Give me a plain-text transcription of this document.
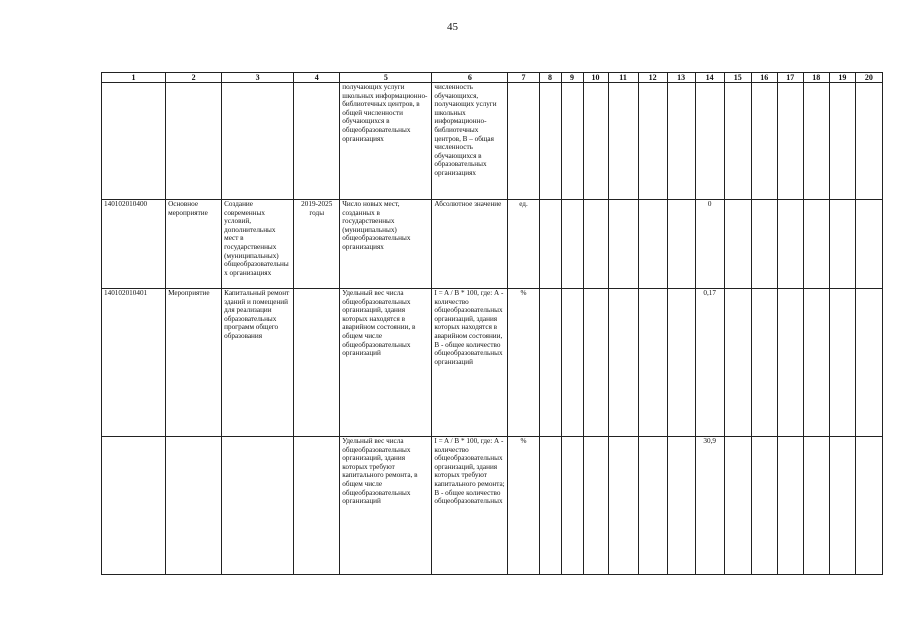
45
1	2	3	4	5	6	7	8	9	10	11	12	13	14	15	16	17	18	19	20
				получающих услуги школьных информационно-библиотечных центров, в общей численности обучающихся в общеобразовательных организациях	численность обучающихся, получающих услуги школьных информационно-библиотечных центров, В – общая численность обучающихся в образовательных организациях														
140102010400	Основное мероприятие	Создание современных условий, дополнительных мест в государственных (муниципальных) общеобразовательных организациях	2019-2025 годы	Число новых мест, созданных в государственных (муниципальных) общеобразовательных организациях	Абсолютное значение	ед.							0						
140102010401	Мероприятие	Капитальный ремонт зданий и помещений для реализации образовательных программ общего образования		Удельный вес числа общеобразовательных организаций, здания которых находятся в аварийном состоянии, в общем числе общеобразовательных организаций	I = A / B * 100, где: А - количество общеобразовательных организаций, здания которых находятся в аварийном состоянии, В - общее количество общеобразовательных организаций	%							0,17						
				Удельный вес числа общеобразовательных организаций, здания которых требуют капитального ремонта, в общем числе общеобразовательных организаций	I = A / B * 100, где: А - количество общеобразовательных организаций, здания которых требуют капитального ремонта; В - общее количество общеобразовательных	%							30,9						
